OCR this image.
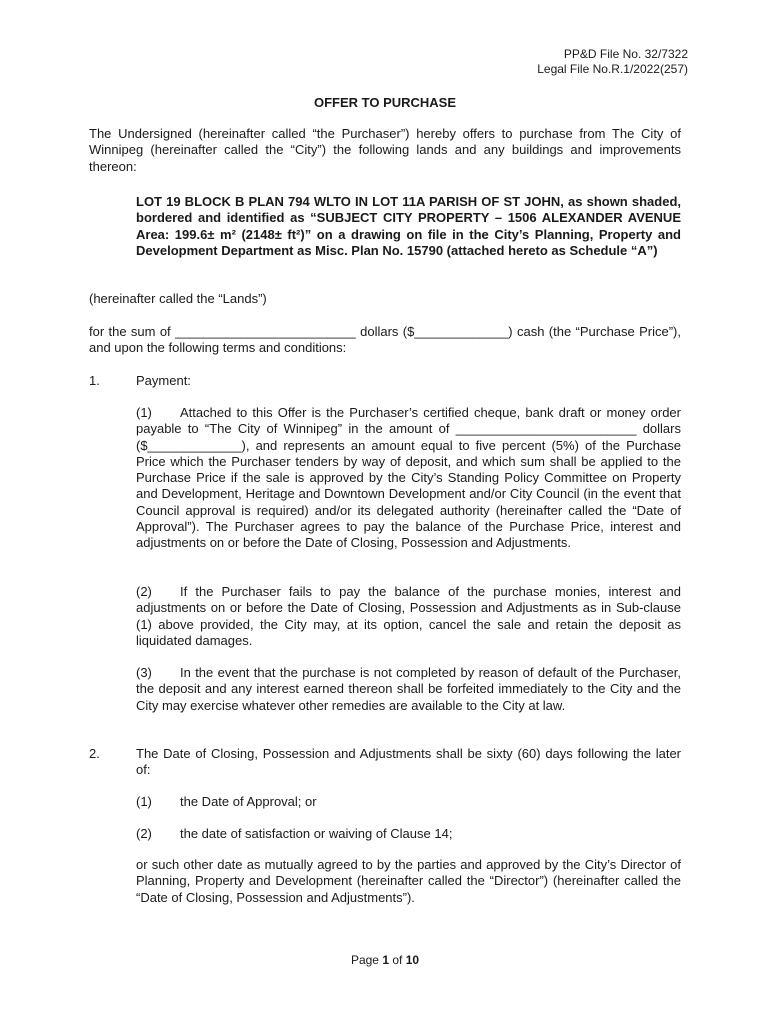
PP&D File No. 32/7322
Legal File No.R.1/2022(257)
OFFER TO PURCHASE
The Undersigned (hereinafter called “the Purchaser”) hereby offers to purchase from The City of Winnipeg (hereinafter called the “City”) the following lands and any buildings and improvements thereon:
LOT 19 BLOCK B PLAN 794 WLTO IN LOT 11A PARISH OF ST JOHN, as shown shaded, bordered and identified as “SUBJECT CITY PROPERTY – 1506 ALEXANDER AVENUE Area: 199.6± m² (2148± ft²)” on a drawing on file in the City’s Planning, Property and Development Department as Misc. Plan No. 15790 (attached hereto as Schedule “A”)
(hereinafter called the “Lands”)
for the sum of _________________________ dollars ($_____________) cash (the “Purchase Price”), and upon the following terms and conditions:
1.	Payment:
(1) Attached to this Offer is the Purchaser’s certified cheque, bank draft or money order payable to “The City of Winnipeg” in the amount of _________________________ dollars ($_____________), and represents an amount equal to five percent (5%) of the Purchase Price which the Purchaser tenders by way of deposit, and which sum shall be applied to the Purchase Price if the sale is approved by the City’s Standing Policy Committee on Property and Development, Heritage and Downtown Development and/or City Council (in the event that Council approval is required) and/or its delegated authority (hereinafter called the “Date of Approval”). The Purchaser agrees to pay the balance of the Purchase Price, interest and adjustments on or before the Date of Closing, Possession and Adjustments.
(2) If the Purchaser fails to pay the balance of the purchase monies, interest and adjustments on or before the Date of Closing, Possession and Adjustments as in Sub-clause (1) above provided, the City may, at its option, cancel the sale and retain the deposit as liquidated damages.
(3) In the event that the purchase is not completed by reason of default of the Purchaser, the deposit and any interest earned thereon shall be forfeited immediately to the City and the City may exercise whatever other remedies are available to the City at law.
2.	The Date of Closing, Possession and Adjustments shall be sixty (60) days following the later of:
(1) the Date of Approval; or
(2) the date of satisfaction or waiving of Clause 14;
or such other date as mutually agreed to by the parties and approved by the City’s Director of Planning, Property and Development (hereinafter called the “Director”) (hereinafter called the “Date of Closing, Possession and Adjustments”).
Page 1 of 10
